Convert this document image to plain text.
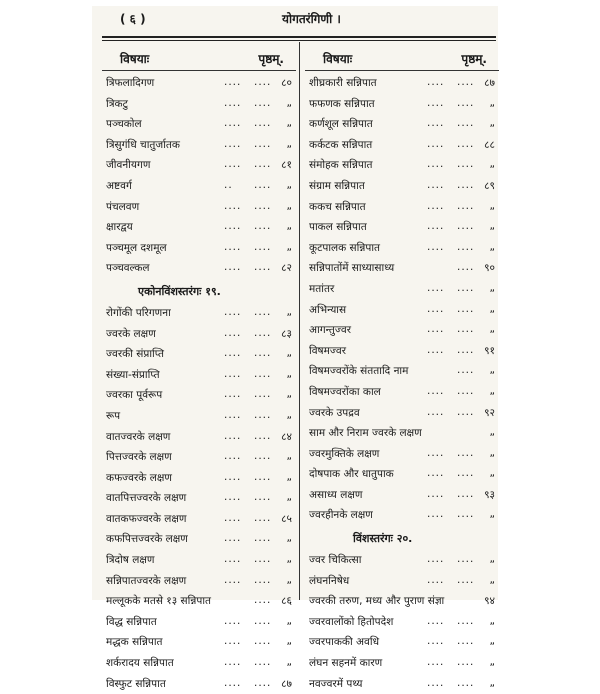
( ६ )	योगतरंगिणी ।
विषयाः	पृष्ठम्.
त्रिफलादिगण	.... .... ८०
त्रिकटु	.... .... „
पञ्चकोल	.... .... „
त्रिसुगंधि चातुर्जातक	.... .... „
जीवनीयगण	.... .... ८१
अष्टवर्ग	.. .... „
पंचलवण	.... .... „
क्षारद्वय	.... .... „
पञ्चमूल दशमूल	.... .... „
पञ्चवल्कल	.... .... ८२
एकोनविंशस्तरंगः १९.
रोगोंकी परिगणना	.... .... „
ज्वरके लक्षण	.... .... ८३
ज्वरकी संप्राप्ति	.... .... „
संख्या-संप्राप्ति	.... .... „
ज्वरका पूर्वरूप	.... .... „
रूप	.... .... „
वातज्वरके लक्षण	.... .... ८४
पित्तज्वरके लक्षण	.... .... „
कफज्वरके लक्षण	.... .... „
वातपित्तज्वरके लक्षण	.... .... „
वातकफज्वरके लक्षण	.... .... ८५
कफपित्तज्वरके लक्षण	.... .... „
त्रिदोष लक्षण	.... .... „
सन्निपातज्वरके लक्षण	.... .... „
मल्लूकके मतसे १३ सन्निपात	.... ८६
विद्ध सन्निपात	.... .... „
मद्धक सन्निपात	.... .... „
शर्करादय सन्निपात	.... .... „
विस्फुट सन्निपात	.... .... ८७
विषयाः	पृष्ठम्.
शीघ्रकारी सन्निपात	.... .... ८७
फफणक सन्निपात	.... .... „
कर्णशूल सन्निपात	.... .... „
कर्कटक सन्निपात	.... .... ८८
संमोहक सन्निपात	.... .... „
संग्राम सन्निपात	.... .... ८९
ककच सन्निपात	.... .... „
पाकल सन्निपात	.... .... „
कूटपालक सन्निपात	.... .... „
सन्निपातोंमें साध्यासाध्य	.... ९०
मतांतर	.... .... „
अभिन्यास	.... .... „
आगन्तुज्वर	.... .... „
विषमज्वर	.... .... ९१
विषमज्वरोंके संततादि नाम	.... „
विषमज्वरोंका काल	.... .... „
ज्वरके उपद्रव	.... .... ९२
साम और निराम ज्वरके लक्षण	„
ज्वरमुक्तिके लक्षण	.... .... „
दोषपाक और धातुपाक	.... .... „
असाध्य लक्षण	.... .... ९३
ज्वरहीनके लक्षण	.... .... „
विंशस्तरंगः २०.
ज्वर चिकित्सा	.... .... „
लंघननिषेध	.... .... „
ज्वरकी तरुण, मध्य और पुराण संज्ञा	९४
ज्वरवालोंको हितोपदेश	.... .... „
ज्वरपाककी अवधि	.... .... „
लंघन सहनमें कारण	.... .... „
नवज्वरमें पथ्य	.... .... „
